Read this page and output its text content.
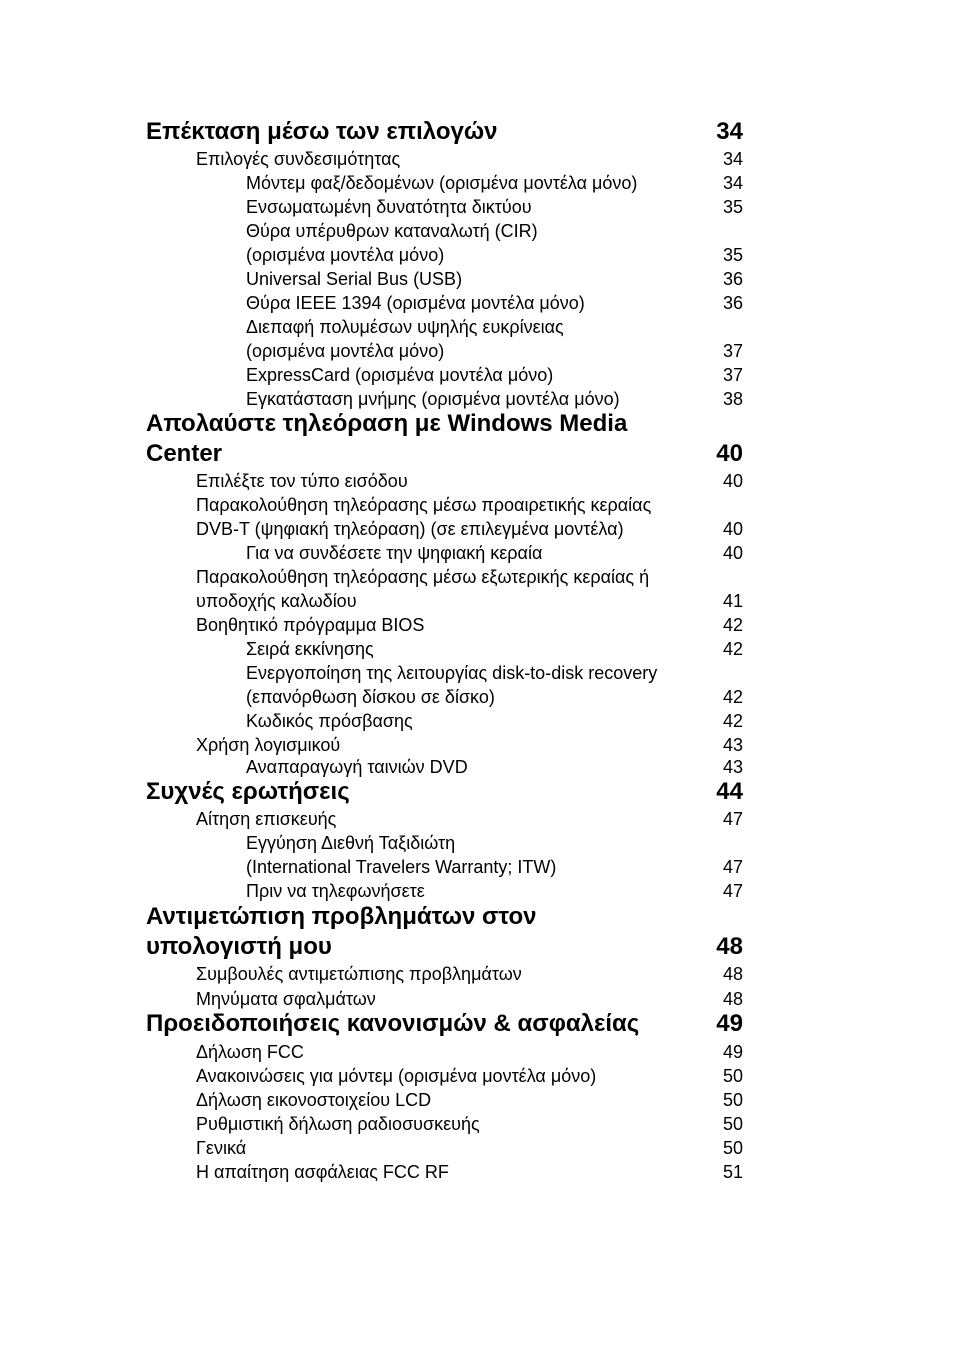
Επέκταση μέσω των επιλογών	34
Επιλογές συνδεσιμότητας	34
Μόντεμ φαξ/δεδομένων (ορισμένα μοντέλα μόνο)	34
Ενσωματωμένη δυνατότητα δικτύου	35
Θύρα υπέρυθρων καταναλωτή (CIR)
(ορισμένα μοντέλα μόνο)	35
Universal Serial Bus (USB)	36
Θύρα IEEE 1394 (ορισμένα μοντέλα μόνο)	36
Διεπαφή πολυμέσων υψηλής ευκρίνειας
(ορισμένα μοντέλα μόνο)	37
ExpressCard (ορισμένα μοντέλα μόνο)	37
Εγκατάσταση μνήμης (ορισμένα μοντέλα μόνο)	38
Απολαύστε τηλεόραση με Windows Media
Center	40
Επιλέξτε τον τύπο εισόδου	40
Παρακολούθηση τηλεόρασης μέσω προαιρετικής κεραίας
DVB-T (ψηφιακή τηλεόραση) (σε επιλεγμένα μοντέλα)	40
Για να συνδέσετε την ψηφιακή κεραία	40
Παρακολούθηση τηλεόρασης μέσω εξωτερικής κεραίας ή
υποδοχής καλωδίου	41
Βοηθητικό πρόγραμμα BIOS	42
Σειρά εκκίνησης	42
Ενεργοποίηση της λειτουργίας disk-to-disk recovery
(επανόρθωση δίσκου σε δίσκο)	42
Κωδικός πρόσβασης	42
Χρήση λογισμικού	43
Αναπαραγωγή ταινιών DVD	43
Συχνές ερωτήσεις	44
Αίτηση επισκευής	47
Εγγύηση Διεθνή Ταξιδιώτη
(International Travelers Warranty; ITW)	47
Πριν να τηλεφωνήσετε	47
Αντιμετώπιση προβλημάτων στον
υπολογιστή μου	48
Συμβουλές αντιμετώπισης προβλημάτων	48
Μηνύματα σφαλμάτων	48
Προειδοποιήσεις κανονισμών & ασφαλείας	49
Δήλωση FCC	49
Ανακοινώσεις για μόντεμ (ορισμένα μοντέλα μόνο)	50
Δήλωση εικονοστοιχείου LCD	50
Ρυθμιστική δήλωση ραδιοσυσκευής	50
Γενικά	50
Η απαίτηση ασφάλειας FCC RF	51
